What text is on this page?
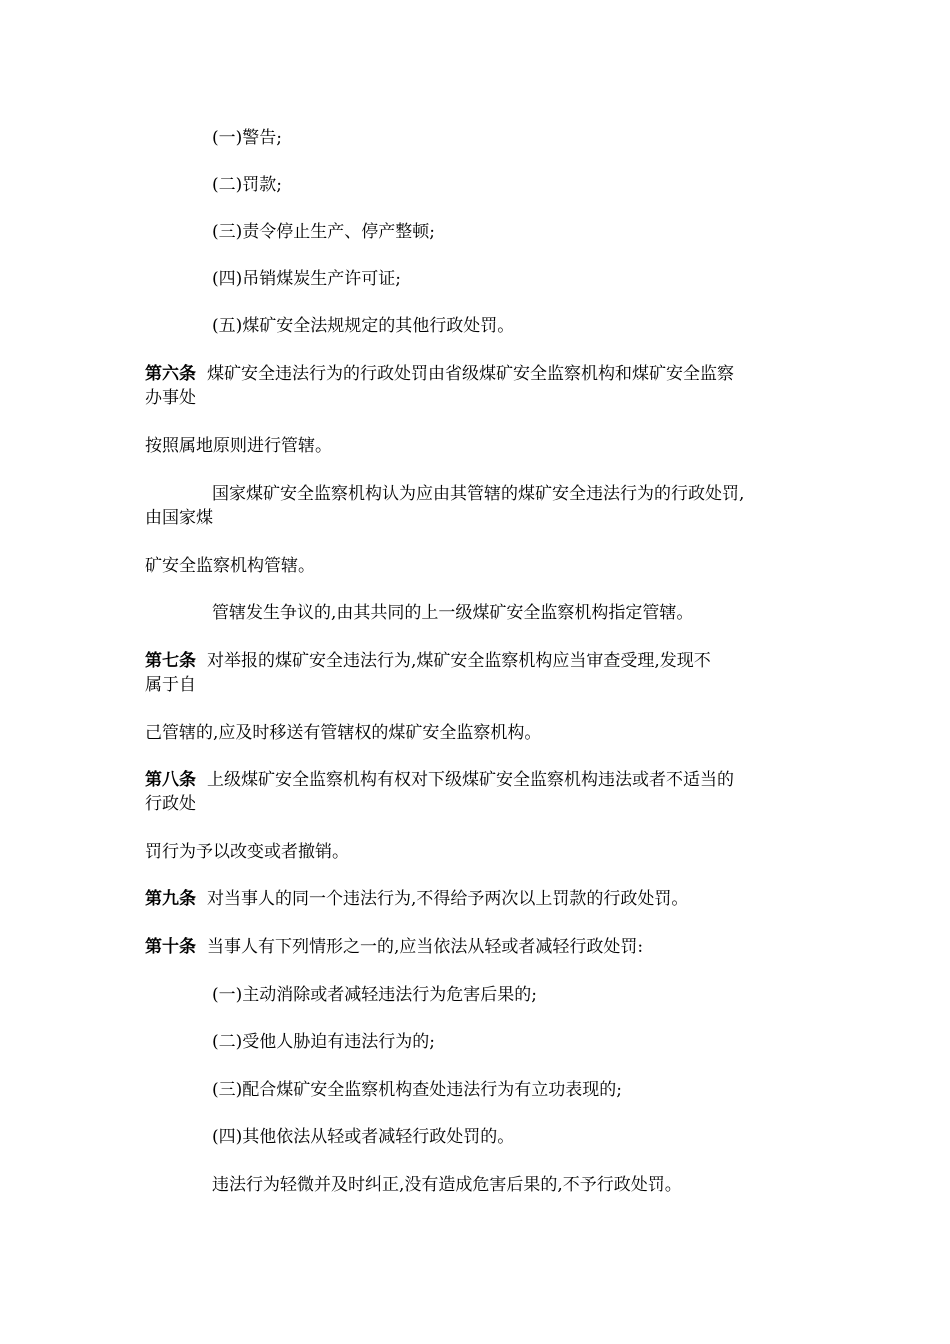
(一)警告;
(二)罚款;
(三)责令停止生产、停产整顿;
(四)吊销煤炭生产许可证;
(五)煤矿安全法规规定的其他行政处罚。
第六条 煤矿安全违法行为的行政处罚由省级煤矿安全监察机构和煤矿安全监察
办事处
按照属地原则进行管辖。
国家煤矿安全监察机构认为应由其管辖的煤矿安全违法行为的行政处罚,
由国家煤
矿安全监察机构管辖。
管辖发生争议的,由其共同的上一级煤矿安全监察机构指定管辖。
第七条 对举报的煤矿安全违法行为,煤矿安全监察机构应当审查受理,发现不
属于自
己管辖的,应及时移送有管辖权的煤矿安全监察机构。
第八条 上级煤矿安全监察机构有权对下级煤矿安全监察机构违法或者不适当的
行政处
罚行为予以改变或者撤销。
第九条 对当事人的同一个违法行为,不得给予两次以上罚款的行政处罚。
第十条 当事人有下列情形之一的,应当依法从轻或者减轻行政处罚:
(一)主动消除或者减轻违法行为危害后果的;
(二)受他人胁迫有违法行为的;
(三)配合煤矿安全监察机构查处违法行为有立功表现的;
(四)其他依法从轻或者减轻行政处罚的。
违法行为轻微并及时纠正,没有造成危害后果的,不予行政处罚。
